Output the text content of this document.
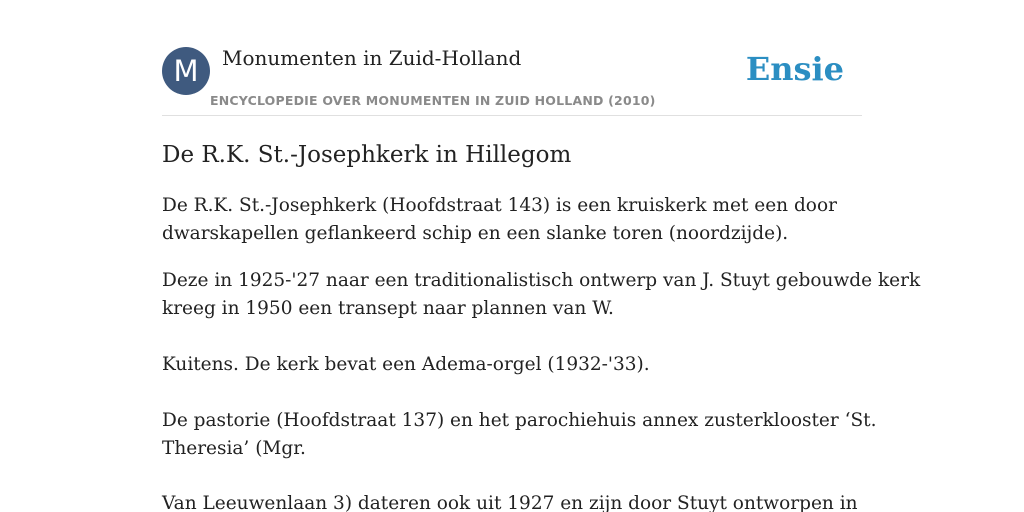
M	Monumenten in Zuid-Holland
ENCYCLOPEDIE OVER MONUMENTEN IN ZUID HOLLAND (2010)
Ensie
De R.K. St.-Josephkerk in Hillegom

De R.K. St.-Josephkerk (Hoofdstraat 143) is een kruiskerk met een door

dwarskapellen geflankeerd schip en een slanke toren (noordzijde).

Deze in 1925-'27 naar een traditionalistisch ontwerp van J. Stuyt gebouwde kerk

kreeg in 1950 een transept naar plannen van W.

Kuitens. De kerk bevat een Adema-orgel (1932-'33).

De pastorie (Hoofdstraat 137) en het parochiehuis annex zusterklooster ‘St.

Theresia’ (Mgr.

Van Leeuwenlaan 3) dateren ook uit 1927 en zijn door Stuyt ontworpen in
